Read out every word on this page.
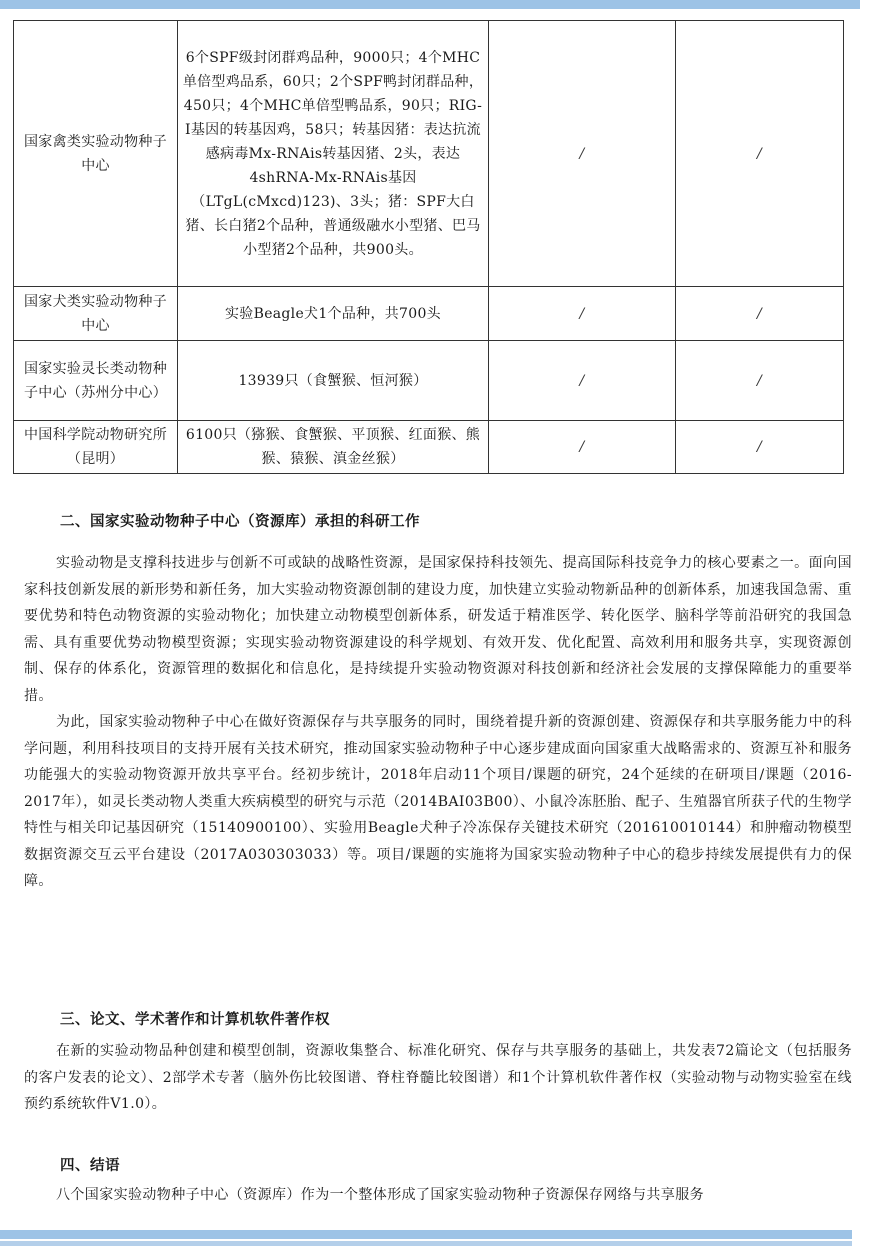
国家禽类实验动物种子中心	6个SPF级封闭群鸡品种，9000只；4个MHC单倍型鸡品系，60只；2个SPF鸭封闭群品种，450只；4个MHC单倍型鸭品系，90只；RIG-I基因的转基因鸡，58只；转基因猪：表达抗流感病毒Mx-RNAis转基因猪、2头，表达4shRNA-Mx-RNAis基因（LTgL(cMxcd)123)、3头；猪：SPF大白猪、长白猪2个品种，普通级融水小型猪、巴马小型猪2个品种，共900头。	/	/
国家犬类实验动物种子中心	实验Beagle犬1个品种，共700头	/	/
国家实验灵长类动物种子中心（苏州分中心）	13939只（食蟹猴、恒河猴）	/	/
中国科学院动物研究所（昆明）	6100只（猕猴、食蟹猴、平顶猴、红面猴、熊猴、猿猴、滇金丝猴）	/	/
二、国家实验动物种子中心（资源库）承担的科研工作

实验动物是支撑科技进步与创新不可或缺的战略性资源，是国家保持科技领先、提高国际科技竞争力的核心要素之一。面向国家科技创新发展的新形势和新任务，加大实验动物资源创制的建设力度，加快建立实验动物新品种的创新体系，加速我国急需、重要优势和特色动物资源的实验动物化；加快建立动物模型创新体系，研发适于精准医学、转化医学、脑科学等前沿研究的我国急需、具有重要优势动物模型资源；实现实验动物资源建设的科学规划、有效开发、优化配置、高效利用和服务共享，实现资源创制、保存的体系化，资源管理的数据化和信息化，是持续提升实验动物资源对科技创新和经济社会发展的支撑保障能力的重要举措。

为此，国家实验动物种子中心在做好资源保存与共享服务的同时，围绕着提升新的资源创建、资源保存和共享服务能力中的科学问题，利用科技项目的支持开展有关技术研究，推动国家实验动物种子中心逐步建成面向国家重大战略需求的、资源互补和服务功能强大的实验动物资源开放共享平台。经初步统计，2018年启动11个项目/课题的研究，24个延续的在研项目/课题（2016-2017年），如灵长类动物人类重大疾病模型的研究与示范（2014BAI03B00）、小鼠冷冻胚胎、配子、生殖器官所获子代的生物学特性与相关印记基因研究（15140900100）、实验用Beagle犬种子冷冻保存关键技术研究（201610010144）和肿瘤动物模型数据资源交互云平台建设（2017A030303033）等。项目/课题的实施将为国家实验动物种子中心的稳步持续发展提供有力的保障。

三、论文、学术著作和计算机软件著作权

在新的实验动物品种创建和模型创制，资源收集整合、标准化研究、保存与共享服务的基础上，共发表72篇论文（包括服务的客户发表的论文）、2部学术专著（脑外伤比较图谱、脊柱脊髓比较图谱）和1个计算机软件著作权（实验动物与动物实验室在线预约系统软件V1.0）。

四、结语

八个国家实验动物种子中心（资源库）作为一个整体形成了国家实验动物种子资源保存网络与共享服务
